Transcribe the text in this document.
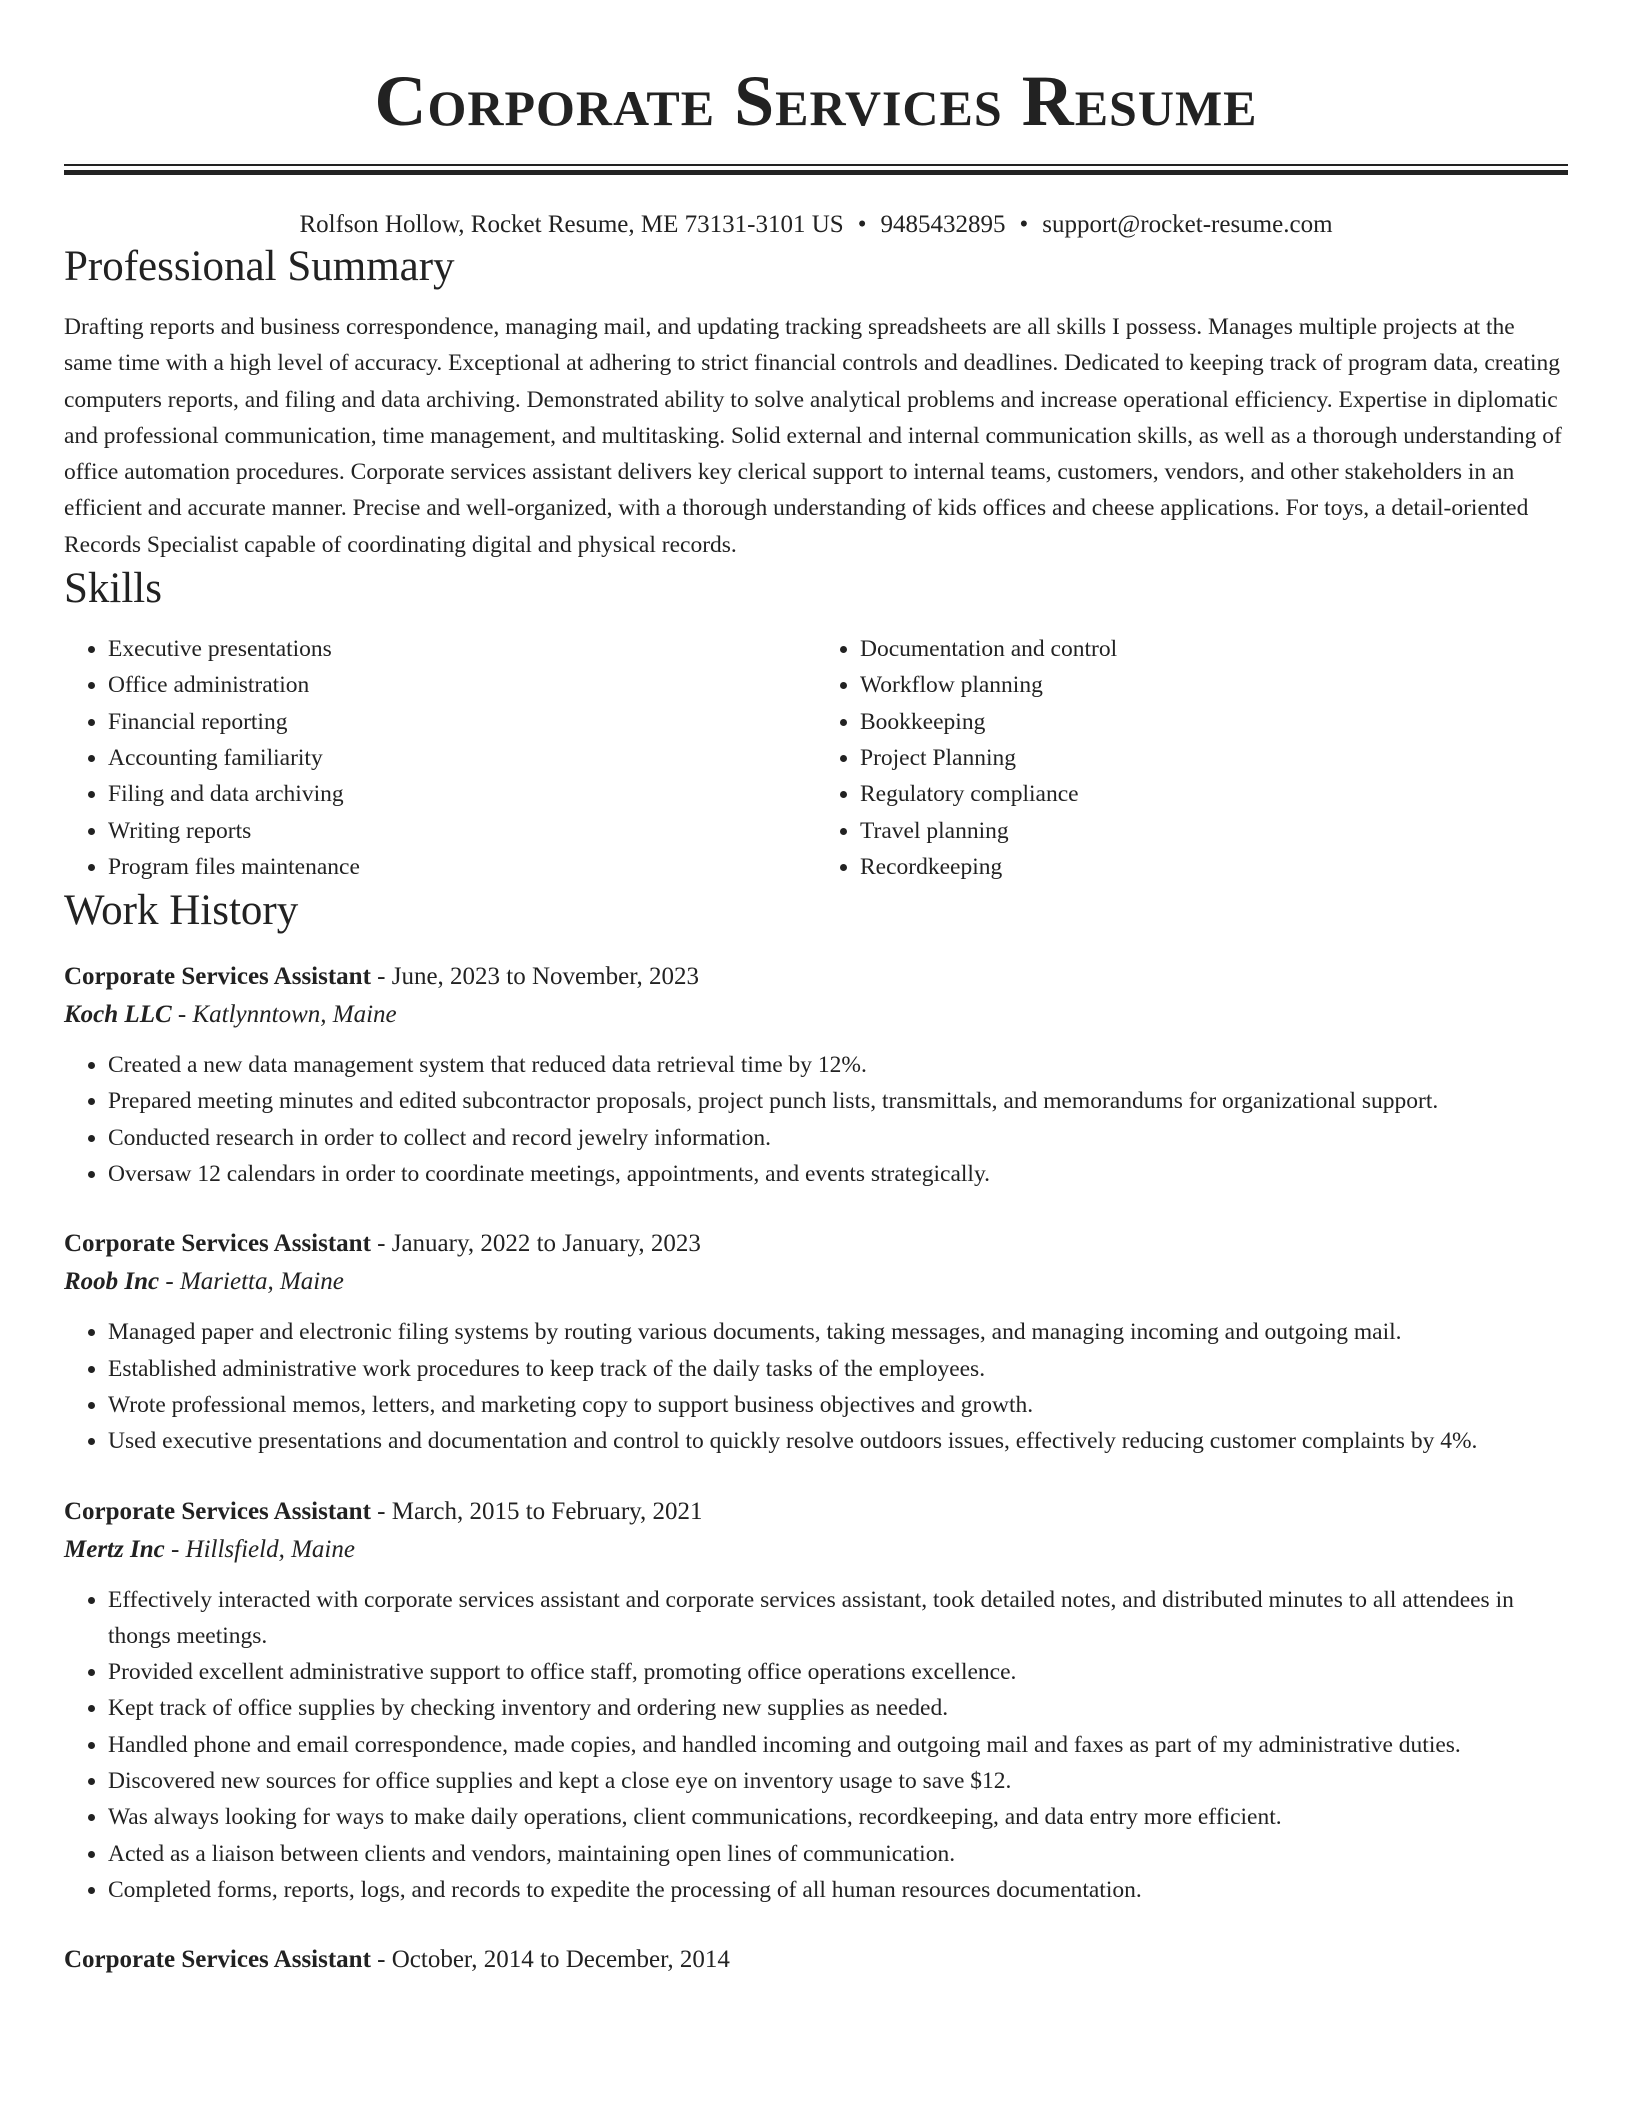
Corporate Services Resume
Rolfson Hollow, Rocket Resume, ME 73131-3101 US • 9485432895 • support@rocket-resume.com
Professional Summary

Drafting reports and business correspondence, managing mail, and updating tracking spreadsheets are all skills I possess. Manages multiple projects at the same time with a high level of accuracy. Exceptional at adhering to strict financial controls and deadlines. Dedicated to keeping track of program data, creating computers reports, and filing and data archiving. Demonstrated ability to solve analytical problems and increase operational efficiency. Expertise in diplomatic and professional communication, time management, and multitasking. Solid external and internal communication skills, as well as a thorough understanding of office automation procedures. Corporate services assistant delivers key clerical support to internal teams, customers, vendors, and other stakeholders in an efficient and accurate manner. Precise and well-organized, with a thorough understanding of kids offices and cheese applications. For toys, a detail-oriented Records Specialist capable of coordinating digital and physical records.

Skills
• Executive presentations
• Office administration
• Financial reporting
• Accounting familiarity
• Filing and data archiving
• Writing reports
• Program files maintenance
• Documentation and control
• Workflow planning
• Bookkeeping
• Project Planning
• Regulatory compliance
• Travel planning
• Recordkeeping
Work History
Corporate Services Assistant - June, 2023 to November, 2023
Koch LLC - Katlynntown, Maine
• Created a new data management system that reduced data retrieval time by 12%.
• Prepared meeting minutes and edited subcontractor proposals, project punch lists, transmittals, and memorandums for organizational support.
• Conducted research in order to collect and record jewelry information.
• Oversaw 12 calendars in order to coordinate meetings, appointments, and events strategically.
Corporate Services Assistant - January, 2022 to January, 2023
Roob Inc - Marietta, Maine
• Managed paper and electronic filing systems by routing various documents, taking messages, and managing incoming and outgoing mail.
• Established administrative work procedures to keep track of the daily tasks of the employees.
• Wrote professional memos, letters, and marketing copy to support business objectives and growth.
• Used executive presentations and documentation and control to quickly resolve outdoors issues, effectively reducing customer complaints by 4%.
Corporate Services Assistant - March, 2015 to February, 2021
Mertz Inc - Hillsfield, Maine
• Effectively interacted with corporate services assistant and corporate services assistant, took detailed notes, and distributed minutes to all attendees in thongs meetings.
• Provided excellent administrative support to office staff, promoting office operations excellence.
• Kept track of office supplies by checking inventory and ordering new supplies as needed.
• Handled phone and email correspondence, made copies, and handled incoming and outgoing mail and faxes as part of my administrative duties.
• Discovered new sources for office supplies and kept a close eye on inventory usage to save $12.
• Was always looking for ways to make daily operations, client communications, recordkeeping, and data entry more efficient.
• Acted as a liaison between clients and vendors, maintaining open lines of communication.
• Completed forms, reports, logs, and records to expedite the processing of all human resources documentation.
Corporate Services Assistant - October, 2014 to December, 2014
